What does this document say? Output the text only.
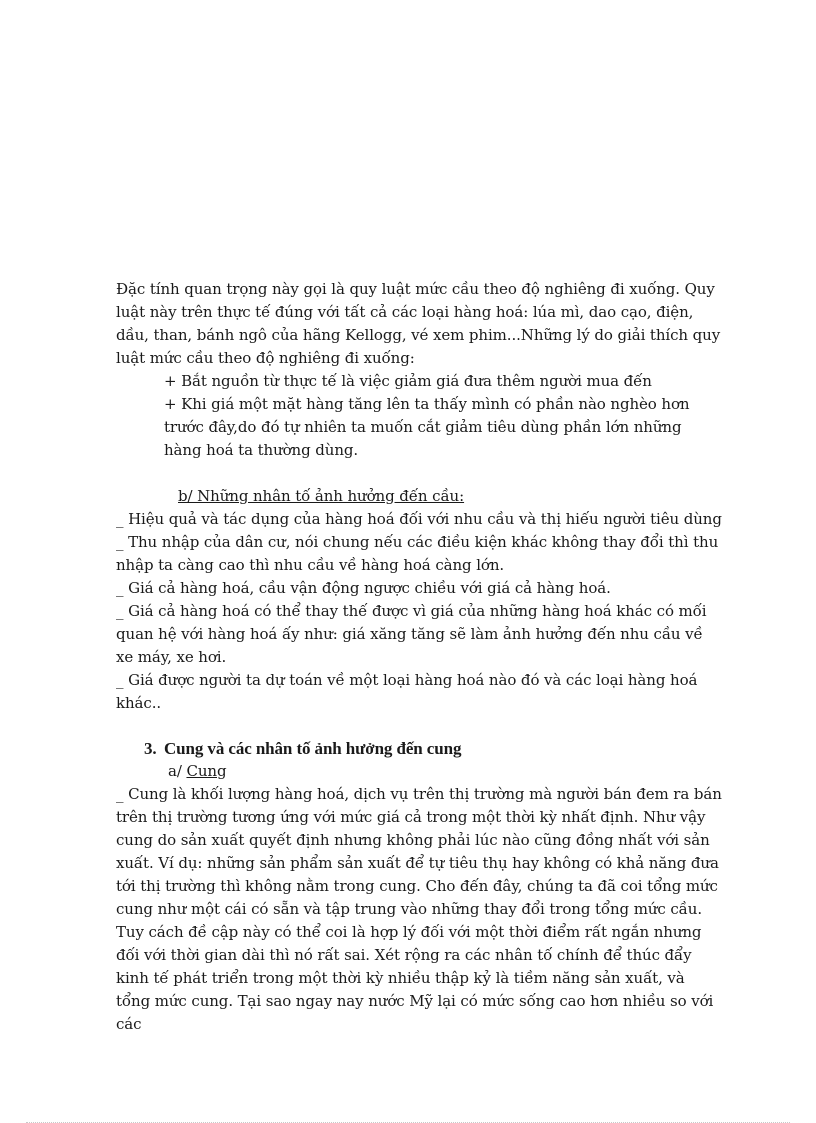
Đặc tính quan trọng này gọi là quy luật mức cầu theo độ nghiêng đi xuống. Quy luật này trên thực tế đúng với tất cả các loại hàng hoá: lúa mì, dao cạo, điện, dầu, than, bánh ngô của hãng Kellogg, vé xem phim...Những lý do giải thích quy luật mức cầu theo độ nghiêng đi xuống:

+ Bắt nguồn từ thực tế là việc giảm giá đưa thêm người mua đến

+ Khi giá một mặt hàng tăng lên ta thấy mình có phần nào nghèo hơn trước đây,do đó tự nhiên ta muốn cắt giảm tiêu dùng phần lớn những hàng hoá ta thường dùng.

b/ Những nhân tố ảnh hưởng đến cầu:

_ Hiệu quả và tác dụng của hàng hoá đối với nhu cầu và thị hiếu người tiêu dùng

_ Thu nhập của dân cư, nói chung nếu các điều kiện khác không thay đổi thì thu nhập ta càng cao thì nhu cầu về hàng hoá càng lớn.

_ Giá cả hàng hoá, cầu vận động ngược chiều với giá cả hàng hoá.

_ Giá cả hàng hoá có thể thay thế được vì giá của những hàng hoá khác có mối quan hệ với hàng hoá ấy như: giá xăng tăng sẽ làm ảnh hưởng đến nhu cầu về xe máy, xe hơi.

_ Giá được người ta dự toán về một loại hàng hoá nào đó và các loại hàng hoá khác..

3. Cung và các nhân tố ảnh hưởng đến cung

a/ Cung

_ Cung là khối lượng hàng hoá, dịch vụ trên thị trường mà người bán đem ra bán trên thị trường tương ứng với mức giá cả trong một thời kỳ nhất định. Như vậy cung do sản xuất quyết định nhưng không phải lúc nào cũng đồng nhất với sản xuất. Ví dụ: những sản phẩm sản xuất để tự tiêu thụ hay không có khả năng đưa tới thị trường thì không nằm trong cung. Cho đến đây, chúng ta đã coi tổng mức cung như một cái có sẵn và tập trung vào những thay đổi trong tổng mức cầu. Tuy cách đề cập này có thể coi là hợp lý đối với một thời điểm rất ngắn nhưng đối với thời gian dài thì nó rất sai. Xét rộng ra các nhân tố chính để thúc đẩy kinh tế phát triển trong một thời kỳ nhiều thập kỷ là tiềm năng sản xuất, và tổng mức cung. Tại sao ngay nay nước Mỹ lại có mức sống cao hơn nhiều so với các
